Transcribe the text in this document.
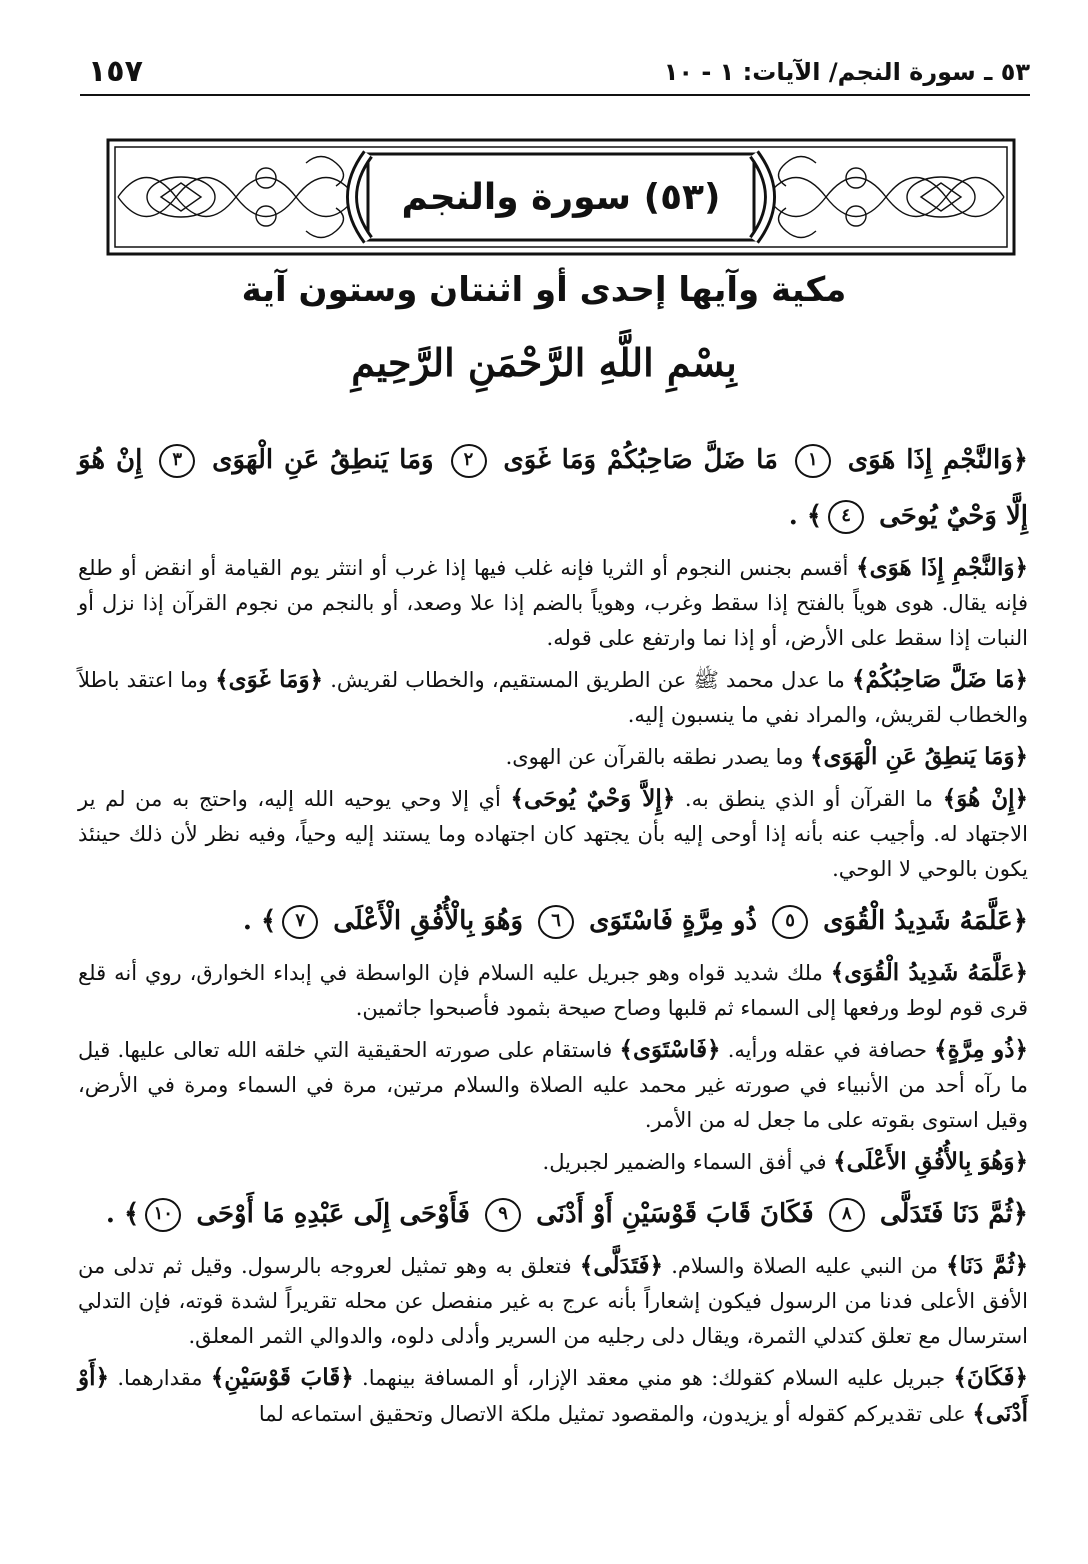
٥٣ ـ سورة النجم/ الآيات: ١ - ١٠
١٥٧
(٥٣) سورة والنجم
مكية وآيها إحدى أو اثنتان وستون آية
بِسْمِ اللَّهِ الرَّحْمَنِ الرَّحِيمِ

﴿وَالنَّجْمِ إِذَا هَوَى ١ مَا ضَلَّ صَاحِبُكُمْ وَمَا غَوَى ٢ وَمَا يَنطِقُ عَنِ الْهَوَى ٣ إِنْ هُوَ إِلَّا وَحْيٌ يُوحَى ٤﴾ .

﴿وَالنَّجْمِ إِذَا هَوَى﴾ أقسم بجنس النجوم أو الثريا فإنه غلب فيها إذا غرب أو انتثر يوم القيامة أو انقض أو طلع فإنه يقال. هوى هوياً بالفتح إذا سقط وغرب، وهوياً بالضم إذا علا وصعد، أو بالنجم من نجوم القرآن إذا نزل أو النبات إذا سقط على الأرض، أو إذا نما وارتفع على قوله.

﴿مَا ضَلَّ صَاحِبُكُمْ﴾ ما عدل محمد ﷺ عن الطريق المستقيم، والخطاب لقريش. ﴿وَمَا غَوَى﴾ وما اعتقد باطلاً والخطاب لقريش، والمراد نفي ما ينسبون إليه.

﴿وَمَا يَنطِقُ عَنِ الْهَوَى﴾ وما يصدر نطقه بالقرآن عن الهوى.

﴿إِنْ هُوَ﴾ ما القرآن أو الذي ينطق به. ﴿إِلاَّ وَحْيٌ يُوحَى﴾ أي إلا وحي يوحيه الله إليه، واحتج به من لم ير الاجتهاد له. وأجيب عنه بأنه إذا أوحى إليه بأن يجتهد كان اجتهاده وما يستند إليه وحياً، وفيه نظر لأن ذلك حينئذ يكون بالوحي لا الوحي.

﴿عَلَّمَهُ شَدِيدُ الْقُوَى ٥ ذُو مِرَّةٍ فَاسْتَوَى ٦ وَهُوَ بِالْأُفُقِ الْأَعْلَى ٧﴾ .

﴿عَلَّمَهُ شَدِيدُ الْقُوَى﴾ ملك شديد قواه وهو جبريل عليه السلام فإن الواسطة في إبداء الخوارق، روي أنه قلع قرى قوم لوط ورفعها إلى السماء ثم قلبها وصاح صيحة بثمود فأصبحوا جاثمين.

﴿ذُو مِرَّةٍ﴾ حصافة في عقله ورأيه. ﴿فَاسْتَوَى﴾ فاستقام على صورته الحقيقية التي خلقه الله تعالى عليها. قيل ما رآه أحد من الأنبياء في صورته غير محمد عليه الصلاة والسلام مرتين، مرة في السماء ومرة في الأرض، وقيل استوى بقوته على ما جعل له من الأمر.

﴿وَهُوَ بِالأُفُقِ الأَعْلَى﴾ في أفق السماء والضمير لجبريل.

﴿ثُمَّ دَنَا فَتَدَلَّى ٨ فَكَانَ قَابَ قَوْسَيْنِ أَوْ أَدْنَى ٩ فَأَوْحَى إِلَى عَبْدِهِ مَا أَوْحَى ١٠﴾ .

﴿ثُمَّ دَنَا﴾ من النبي عليه الصلاة والسلام. ﴿فَتَدَلَّى﴾ فتعلق به وهو تمثيل لعروجه بالرسول. وقيل ثم تدلى من الأفق الأعلى فدنا من الرسول فيكون إشعاراً بأنه عرج به غير منفصل عن محله تقريراً لشدة قوته، فإن التدلي استرسال مع تعلق كتدلي الثمرة، ويقال دلى رجليه من السرير وأدلى دلوه، والدوالي الثمر المعلق.

﴿فَكَانَ﴾ جبريل عليه السلام كقولك: هو مني معقد الإزار، أو المسافة بينهما. ﴿قَابَ قَوْسَيْنِ﴾ مقدارهما. ﴿أَوْ أَدْنَى﴾ على تقديركم كقوله أو يزيدون، والمقصود تمثيل ملكة الاتصال وتحقيق استماعه لما
